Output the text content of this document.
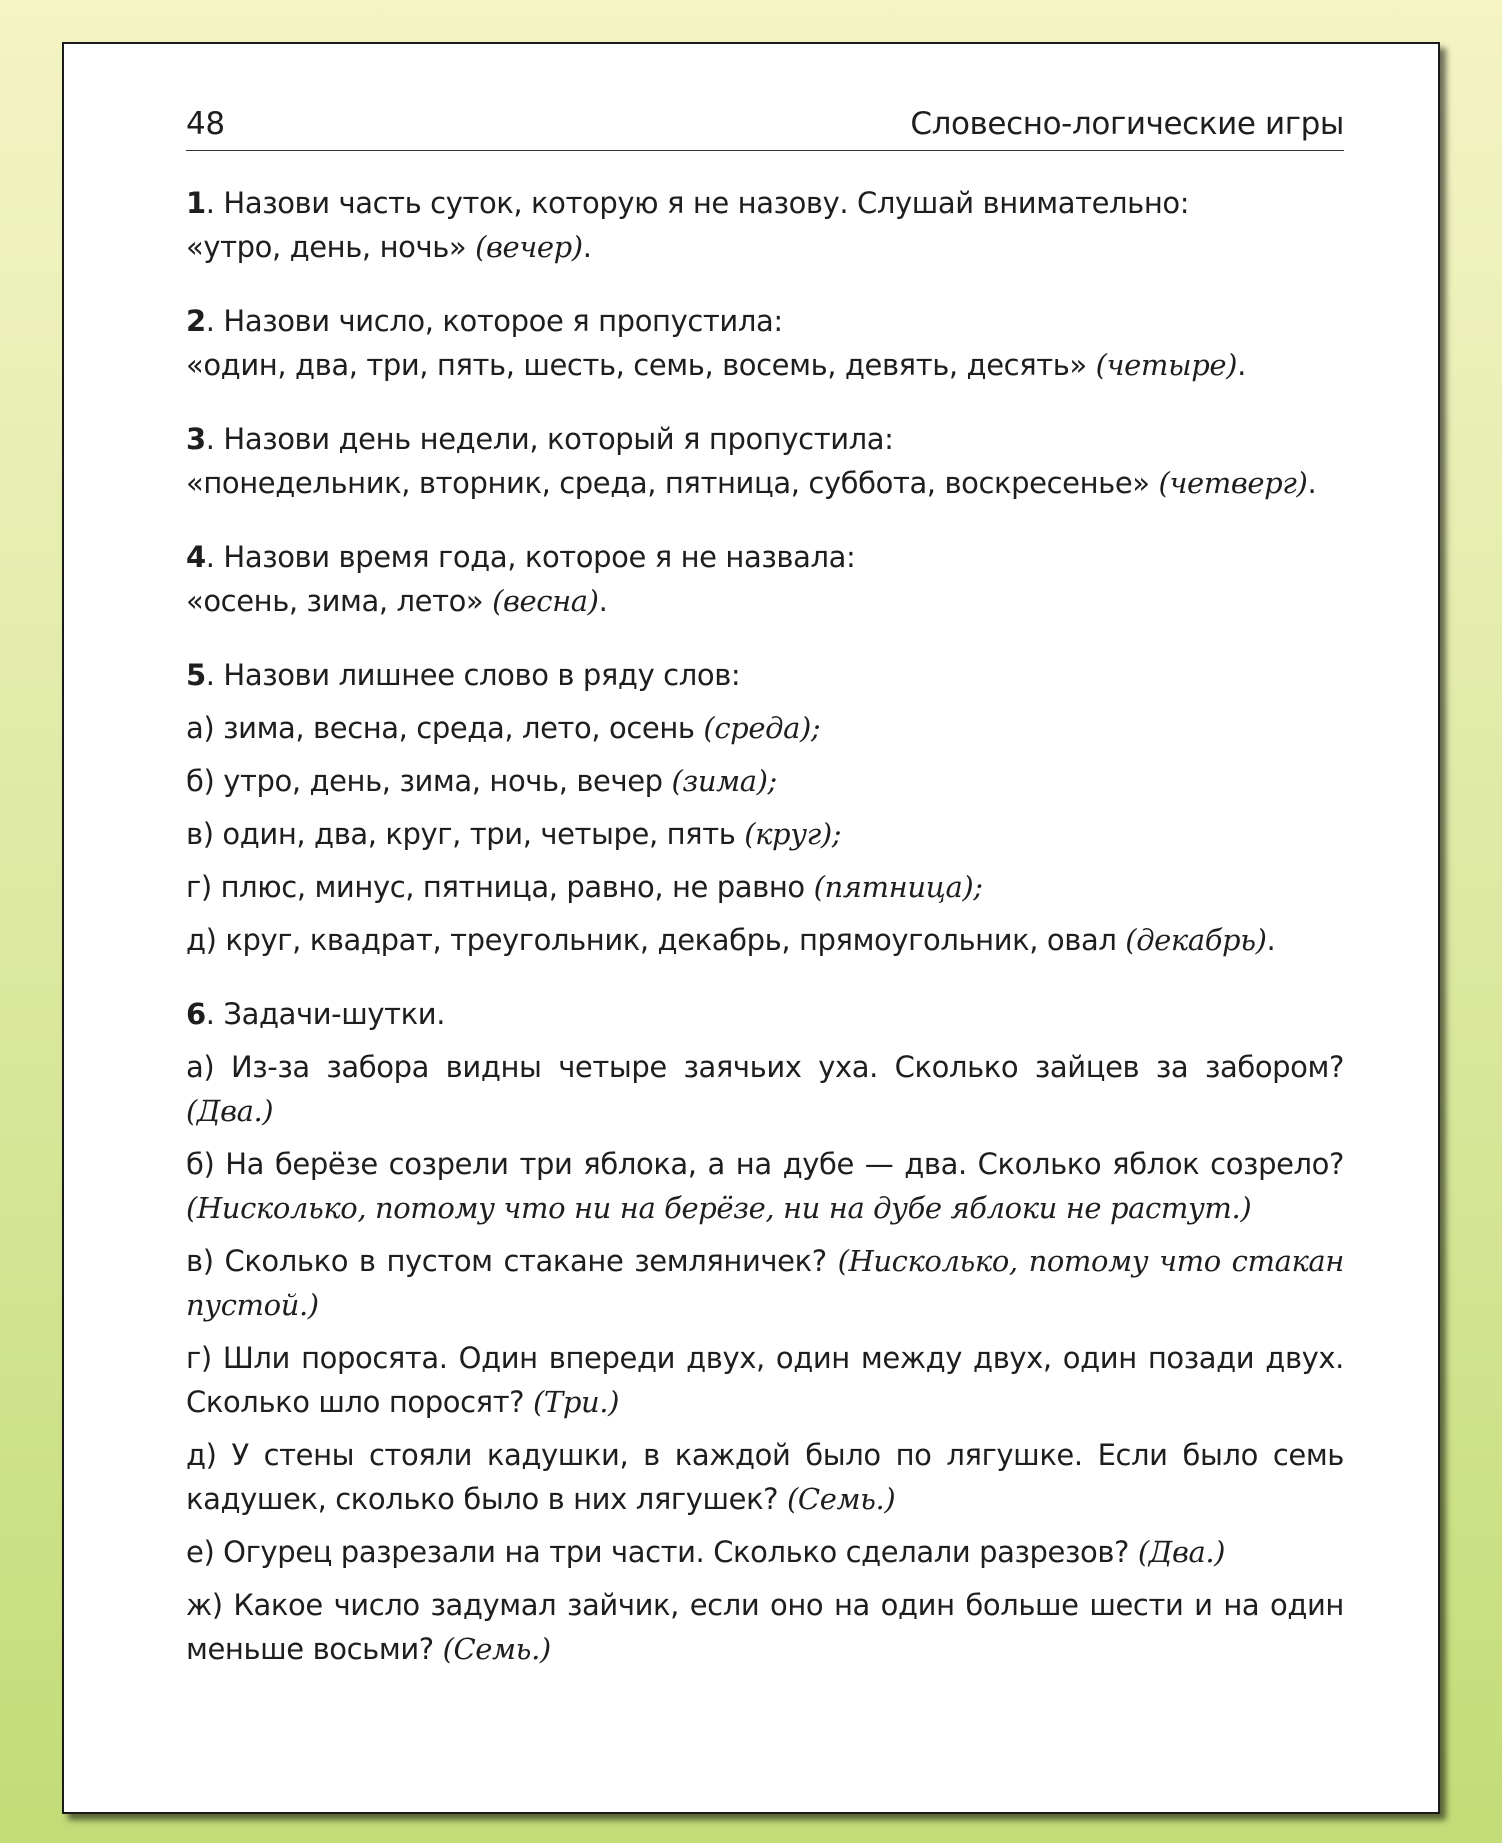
48	Словесно-логические игры
1. Назови часть суток, которую я не назову. Слушай внимательно:
«утро, день, ночь» (вечер).
2. Назови число, которое я пропустила:
«один, два, три, пять, шесть, семь, восемь, девять, десять» (четыре).
3. Назови день недели, который я пропустила:
«понедельник, вторник, среда, пятница, суббота, воскресенье» (четверг).
4. Назови время года, которое я не назвала:
«осень, зима, лето» (весна).
5. Назови лишнее слово в ряду слов:
а) зима, весна, среда, лето, осень (среда);
б) утро, день, зима, ночь, вечер (зима);
в) один, два, круг, три, четыре, пять (круг);
г) плюс, минус, пятница, равно, не равно (пятница);
д) круг, квадрат, треугольник, декабрь, прямоугольник, овал (декабрь).
6. Задачи-шутки.
а) Из-за забора видны четыре заячьих уха. Сколько зайцев за забором? (Два.)
б) На берёзе созрели три яблока, а на дубе — два. Сколько яблок созрело? (Нисколько, потому что ни на берёзе, ни на дубе яблоки не растут.)
в) Сколько в пустом стакане земляничек? (Нисколько, потому что стакан пустой.)
г) Шли поросята. Один впереди двух, один между двух, один позади двух. Сколько шло поросят? (Три.)
д) У стены стояли кадушки, в каждой было по лягушке. Если было семь кадушек, сколько было в них лягушек? (Семь.)
е) Огурец разрезали на три части. Сколько сделали разрезов? (Два.)
ж) Какое число задумал зайчик, если оно на один больше шести и на один меньше восьми? (Семь.)
